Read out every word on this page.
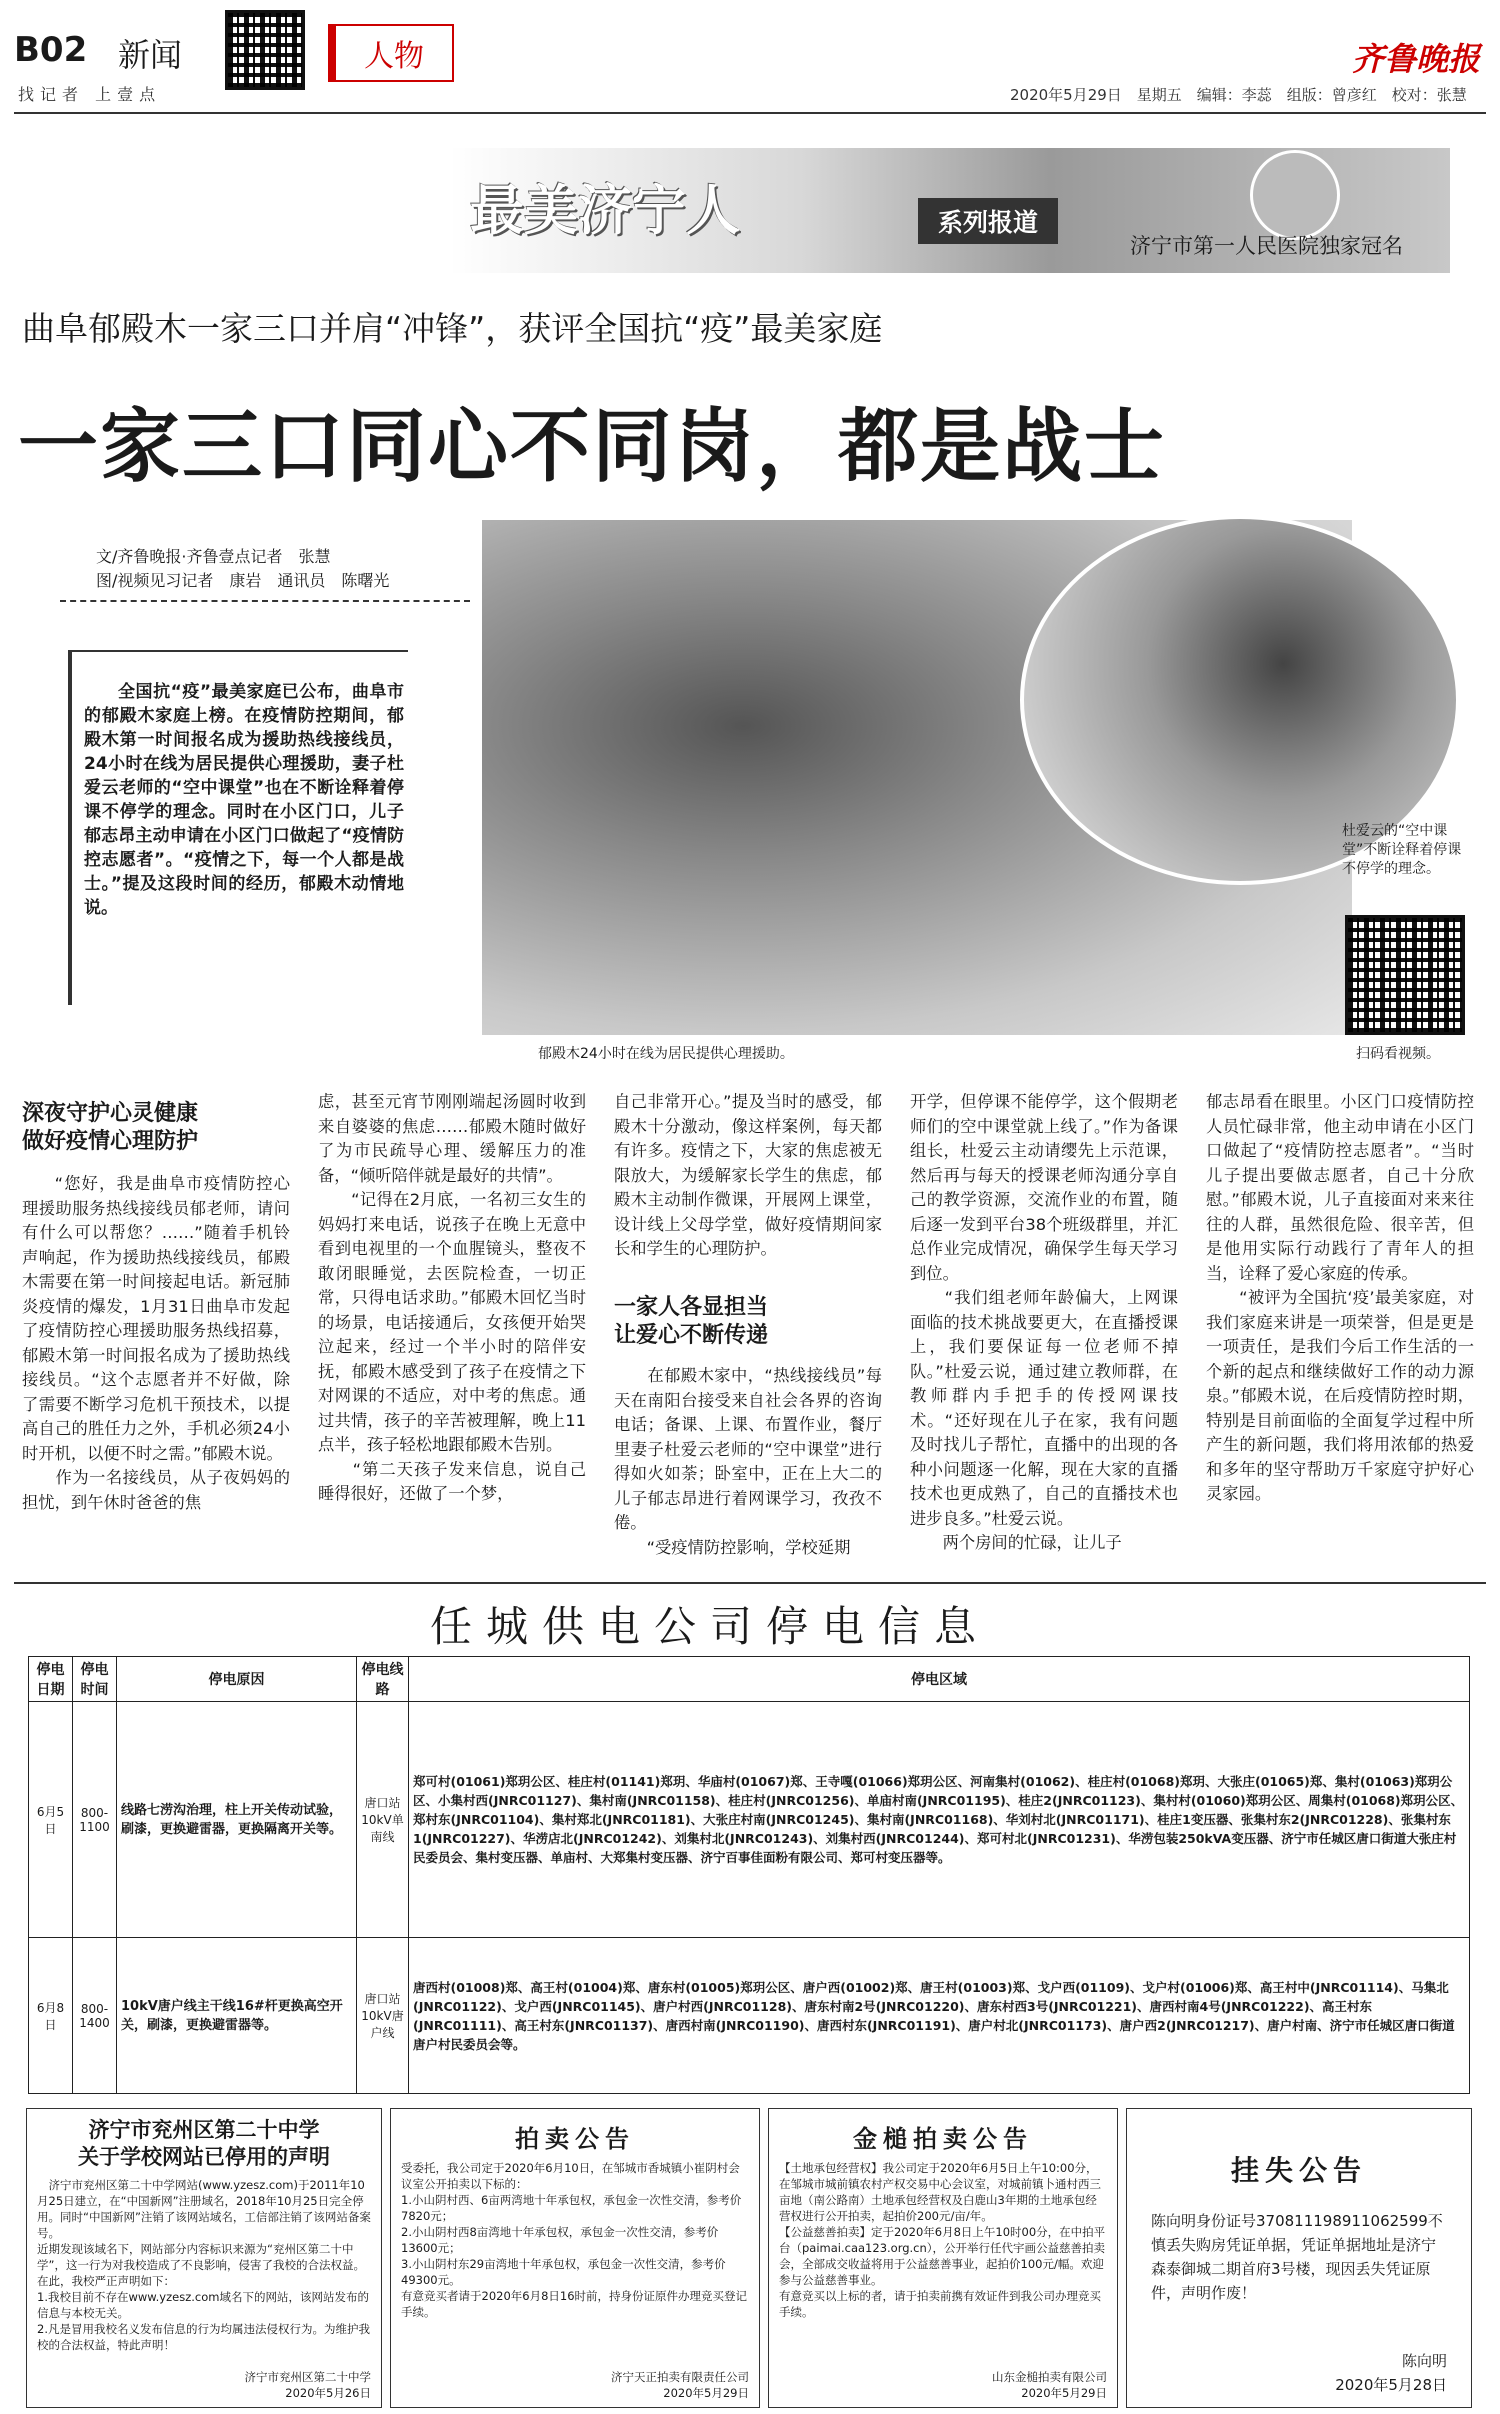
B02 新闻
找记者 上壹点
人物	齐鲁晚报
2020年5月29日　星期五　编辑：李蕊　组版：曾彦红　校对：张慧
最美济宁人	系列报道
济宁市第一人民医院独家冠名
曲阜郁殿木一家三口并肩“冲锋”，获评全国抗“疫”最美家庭
一家三口同心不同岗，都是战士
文/齐鲁晚报·齐鲁壹点记者　张慧
图/视频见习记者　康岩　通讯员　陈曙光
全国抗“疫”最美家庭已公布，曲阜市的郁殿木家庭上榜。在疫情防控期间，郁殿木第一时间报名成为援助热线接线员，24小时在线为居民提供心理援助，妻子杜爱云老师的“空中课堂”也在不断诠释着停课不停学的理念。同时在小区门口，儿子郁志昂主动申请在小区门口做起了“疫情防控志愿者”。“疫情之下，每一个人都是战士。”提及这段时间的经历，郁殿木动情地说。
郁殿木24小时在线为居民提供心理援助。
杜爱云的“空中课堂”不断诠释着停课不停学的理念。
扫码看视频。
深夜守护心灵健康
做好疫情心理防护
“您好，我是曲阜市疫情防控心理援助服务热线接线员郁老师，请问有什么可以帮您？……”随着手机铃声响起，作为援助热线接线员，郁殿木需要在第一时间接起电话。新冠肺炎疫情的爆发，1月31日曲阜市发起了疫情防控心理援助服务热线招募，郁殿木第一时间报名成为了援助热线接线员。“这个志愿者并不好做，除了需要不断学习危机干预技术，以提高自己的胜任力之外，手机必须24小时开机，以便不时之需。”郁殿木说。
　　作为一名接线员，从子夜妈妈的担忧，到午休时爸爸的焦
虑，甚至元宵节刚刚端起汤圆时收到来自婆婆的焦虑……郁殿木随时做好了为市民疏导心理、缓解压力的准备，“倾听陪伴就是最好的共情”。
　　“记得在2月底，一名初三女生的妈妈打来电话，说孩子在晚上无意中看到电视里的一个血腥镜头，整夜不敢闭眼睡觉，去医院检查，一切正常，只得电话求助。”郁殿木回忆当时的场景，电话接通后，女孩便开始哭泣起来，经过一个半小时的陪伴安抚，郁殿木感受到了孩子在疫情之下对网课的不适应，对中考的焦虑。通过共情，孩子的辛苦被理解，晚上11点半，孩子轻松地跟郁殿木告别。
　　“第二天孩子发来信息，说自己睡得很好，还做了一个梦，
自己非常开心。”提及当时的感受，郁殿木十分激动，像这样案例，每天都有许多。疫情之下，大家的焦虑被无限放大，为缓解家长学生的焦虑，郁殿木主动制作微课，开展网上课堂，设计线上父母学堂，做好疫情期间家长和学生的心理防护。
一家人各显担当
让爱心不断传递
　　在郁殿木家中，“热线接线员”每天在南阳台接受来自社会各界的咨询电话；备课、上课、布置作业，餐厅里妻子杜爱云老师的“空中课堂”进行得如火如荼；卧室中，正在上大二的儿子郁志昂进行着网课学习，孜孜不倦。
　　“受疫情防控影响，学校延期
开学，但停课不能停学，这个假期老师们的空中课堂就上线了。”作为备课组长，杜爱云主动请缨先上示范课，然后再与每天的授课老师沟通分享自己的教学资源，交流作业的布置，随后逐一发到平台38个班级群里，并汇总作业完成情况，确保学生每天学习到位。
　　“我们组老师年龄偏大，上网课面临的技术挑战要更大，在直播授课上，我们要保证每一位老师不掉队。”杜爱云说，通过建立教师群，在教师群内手把手的传授网课技术。“还好现在儿子在家，我有问题及时找儿子帮忙，直播中的出现的各种小问题逐一化解，现在大家的直播技术也更成熟了，自己的直播技术也进步良多。”杜爱云说。
　　两个房间的忙碌，让儿子
郁志昂看在眼里。小区门口疫情防控人员忙碌非常，他主动申请在小区门口做起了“疫情防控志愿者”。“当时儿子提出要做志愿者，自己十分欣慰。”郁殿木说，儿子直接面对来来往往的人群，虽然很危险、很辛苦，但是他用实际行动践行了青年人的担当，诠释了爱心家庭的传承。
　　“被评为全国抗‘疫’最美家庭，对我们家庭来讲是一项荣誉，但是更是一项责任，是我们今后工作生活的一个新的起点和继续做好工作的动力源泉。”郁殿木说，在后疫情防控时期，特别是目前面临的全面复学过程中所产生的新问题，我们将用浓郁的热爱和多年的坚守帮助万千家庭守护好心灵家园。
任城供电公司停电信息
停电日期	停电时间	停电原因	停电线路	停电区域
6月5日	800-1100	线路七涝沟治理，柱上开关传动试验，刷漆，更换避雷器，更换隔离开关等。	唐口站10kV单南线	郑可村(01061)郑玥公区、桂庄村(01141)郑玥、华庙村(01067)郑、王寺嘎(01066)郑玥公区、河南集村(01062)、桂庄村(01068)郑玥、大张庄(01065)郑、集村(01063)郑玥公区、小集村西(JNRC01127)、集村南(JNRC01158)、桂庄村(JNRC01256)、单庙村南(JNRC01195)、桂庄2(JNRC01123)、集村村(01060)郑玥公区、周集村(01068)郑玥公区、郑村东(JNRC01104)、集村郑北(JNRC01181)、大张庄村南(JNRC01245)、集村南(JNRC01168)、华刘村北(JNRC01171)、桂庄1变压器、张集村东2(JNRC01228)、张集村东1(JNRC01227)、华涝店北(JNRC01242)、刘集村北(JNRC01243)、刘集村西(JNRC01244)、郑可村北(JNRC01231)、华涝包装250kVA变压器、济宁市任城区唐口街道大张庄村民委员会、集村变压器、单庙村、大郑集村变压器、济宁百事佳面粉有限公司、郑可村变压器等。
6月8日	800-1400	10kV唐户线主干线16#杆更换高空开关，刷漆，更换避雷器等。	唐口站10kV唐户线	唐西村(01008)郑、高王村(01004)郑、唐东村(01005)郑玥公区、唐户西(01002)郑、唐王村(01003)郑、戈户西(01109)、戈户村(01006)郑、高王村中(JNRC01114)、马集北(JNRC01122)、戈户西(JNRC01145)、唐户村西(JNRC01128)、唐东村南2号(JNRC01220)、唐东村西3号(JNRC01221)、唐西村南4号(JNRC01222)、高王村东(JNRC01111)、高王村东(JNRC01137)、唐西村南(JNRC01190)、唐西村东(JNRC01191)、唐户村北(JNRC01173)、唐户西2(JNRC01217)、唐户村南、济宁市任城区唐口街道唐户村民委员会等。
济宁市兖州区第二十中学
关于学校网站已停用的声明
济宁市兖州区第二十中学网站(www.yzesz.com)于2011年10月25日建立，在“中国新网”注册域名，2018年10月25日完全停用。同时“中国新网”注销了该网站域名，工信部注销了该网站备案号。
近期发现该域名下，网站部分内容标识来源为“兖州区第二十中学”，这一行为对我校造成了不良影响，侵害了我校的合法权益。在此，我校严正声明如下：
1.我校目前不存在www.yzesz.com域名下的网站，该网站发布的信息与本校无关。
2.凡是冒用我校名义发布信息的行为均属违法侵权行为。为维护我校的合法权益，特此声明！
济宁市兖州区第二十中学
2020年5月26日
拍卖公告
受委托，我公司定于2020年6月10日，在邹城市香城镇小崔阴村会议室公开拍卖以下标的：
1.小山阴村西、6亩两湾地十年承包权，承包金一次性交清，参考价7820元；
2.小山阴村西8亩湾地十年承包权，承包金一次性交清，参考价13600元；
3.小山阴村东29亩湾地十年承包权，承包金一次性交清，参考价49300元。
有意竞买者请于2020年6月8日16时前，持身份证原件办理竞买登记手续。
济宁天正拍卖有限责任公司
2020年5月29日
金槌拍卖公告
【土地承包经营权】我公司定于2020年6月5日上午10:00分，在邹城市城前镇农村产权交易中心会议室，对城前镇卜通村西三亩地（南公路南）土地承包经营权及白鹿山3年期的土地承包经营权进行公开拍卖，起拍价200元/亩/年。
【公益慈善拍卖】定于2020年6月8日上午10时00分，在中拍平台（paimai.caa123.org.cn），公开举行任代宇画公益慈善拍卖会，全部成交收益将用于公益慈善事业，起拍价100元/幅。欢迎参与公益慈善事业。
有意竞买以上标的者，请于拍卖前携有效证件到我公司办理竞买手续。
山东金槌拍卖有限公司
2020年5月29日
挂失公告
陈向明身份证号370811198911062599不慎丢失购房凭证单据，凭证单据地址是济宁森泰御城二期首府3号楼，现因丢失凭证原件，声明作废！
陈向明
2020年5月28日
